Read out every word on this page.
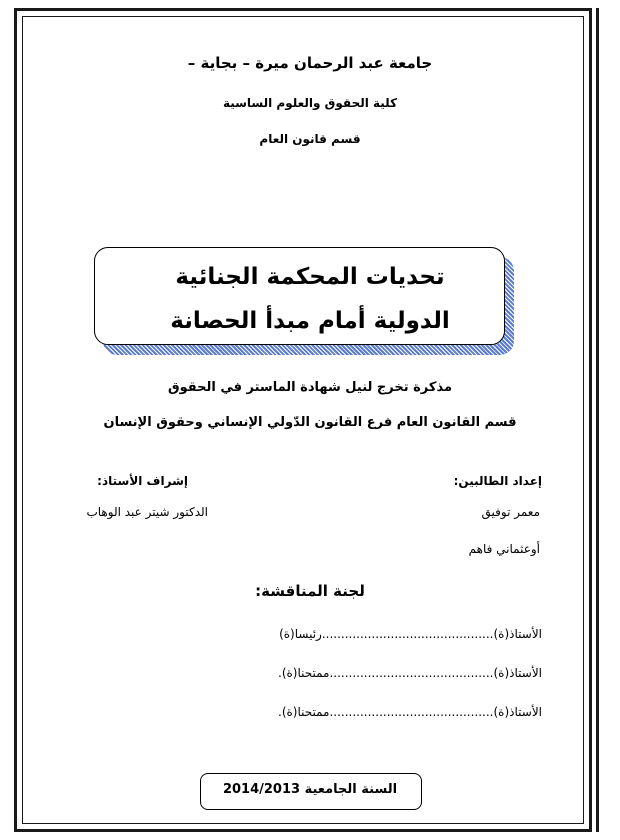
جامعة عبد الرحمان ميرة – بجاية –
كلية الحقوق والعلوم الساسية
قسم قانون العام
تحديات المحكمة الجنائية
الدولية أمام مبدأ الحصانة
مذكرة تخرج لنيل شهادة الماستر في الحقوق
قسم القانون العام فرع القانون الدّولي الإنساني وحقوق الإنسان
إعداد الطالبين:
إشراف الأستاذ:
معمر توفيق
الدكتور شيتر عبد الوهاب
أوعثماني فاهم
لجنة المناقشة:
الأستاذ(ة).............................................رئيسا(ة)
الأستاذ(ة)...........................................ممتحنا(ة).
الأستاذ(ة)...........................................ممتحنا(ة).
السنة الجامعية 2014/2013
